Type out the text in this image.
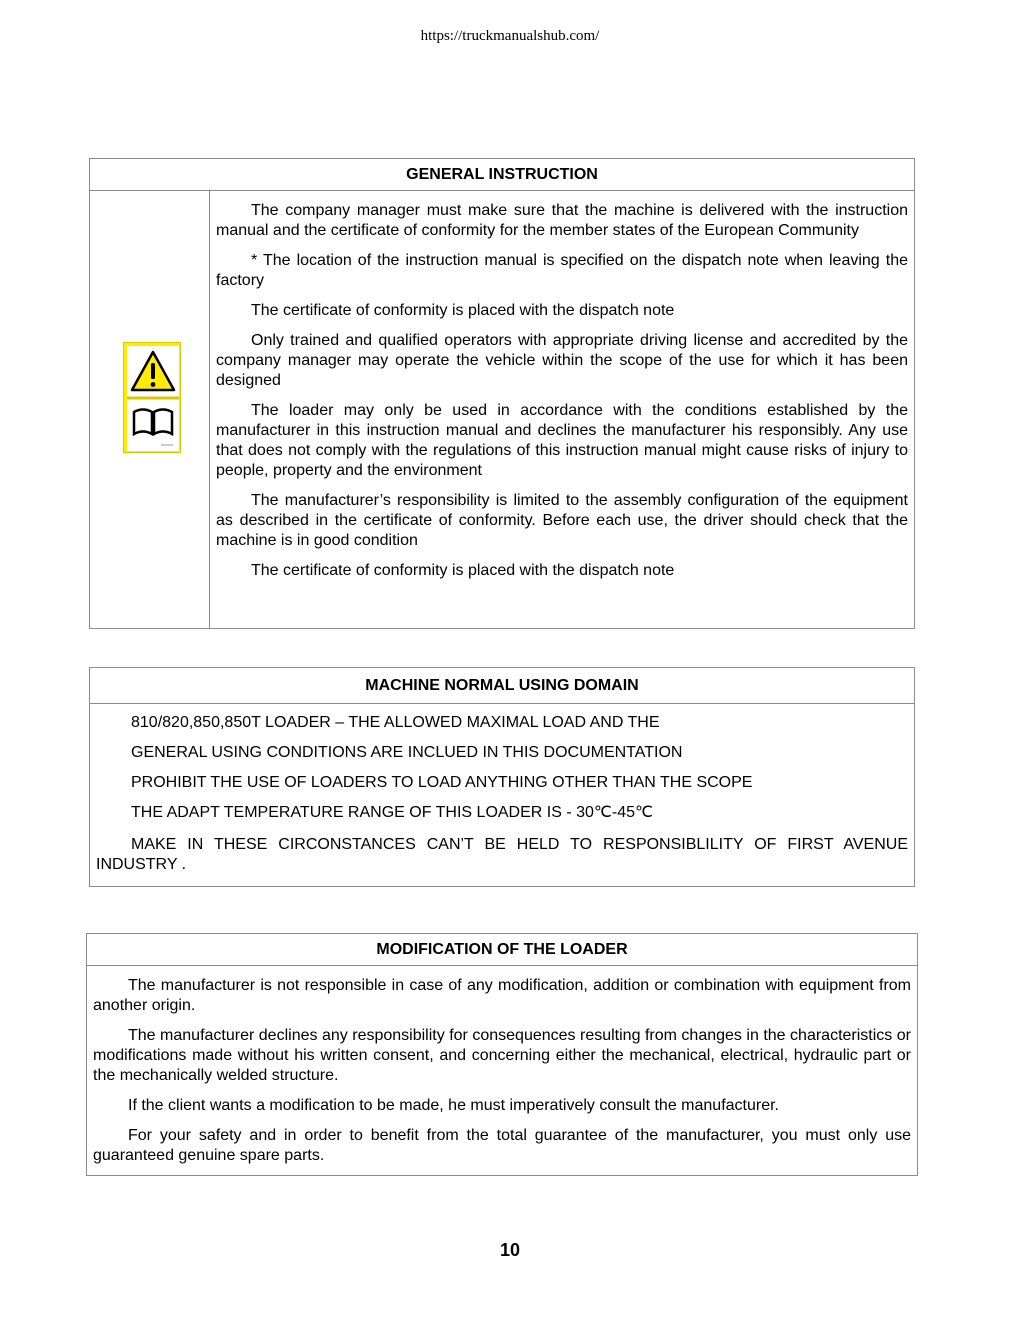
https://truckmanualshub.com/
GENERAL INSTRUCTION

The company manager must make sure that the machine is delivered with the instruction manual and the certificate of conformity for the member states of the European Community

* The location of the instruction manual is specified on the dispatch note when leaving the factory

The certificate of conformity is placed with the dispatch note

Only trained and qualified operators with appropriate driving license and accredited by the company manager may operate the vehicle within the scope of the use for which it has been designed

The loader may only be used in accordance with the conditions established by the manufacturer in this instruction manual and declines the manufacturer his responsibly. Any use that does not comply with the regulations of this instruction manual might cause risks of injury to people, property and the environment

The manufacturer’s responsibility is limited to the assembly configuration of the equipment as described in the certificate of conformity. Before each use, the driver should check that the machine is in good condition

The certificate of conformity is placed with the dispatch note

MACHINE NORMAL USING DOMAIN
810/820,850,850T LOADER – THE ALLOWED MAXIMAL LOAD AND THE
GENERAL USING CONDITIONS ARE INCLUED IN THIS DOCUMENTATION
PROHIBIT THE USE OF LOADERS TO LOAD ANYTHING OTHER THAN THE SCOPE
THE ADAPT TEMPERATURE RANGE OF THIS LOADER IS - 30℃-45℃

MAKE IN THESE CIRCONSTANCES CAN’T BE HELD TO RESPONSIBLILITY OF FIRST AVENUE INDUSTRY .

MODIFICATION OF THE LOADER

The manufacturer is not responsible in case of any modification, addition or combination with equipment from another origin.

The manufacturer declines any responsibility for consequences resulting from changes in the characteristics or modifications made without his written consent, and concerning either the mechanical, electrical, hydraulic part or the mechanically welded structure.

If the client wants a modification to be made, he must imperatively consult the manufacturer.

For your safety and in order to benefit from the total guarantee of the manufacturer, you must only use guaranteed genuine spare parts.

10
